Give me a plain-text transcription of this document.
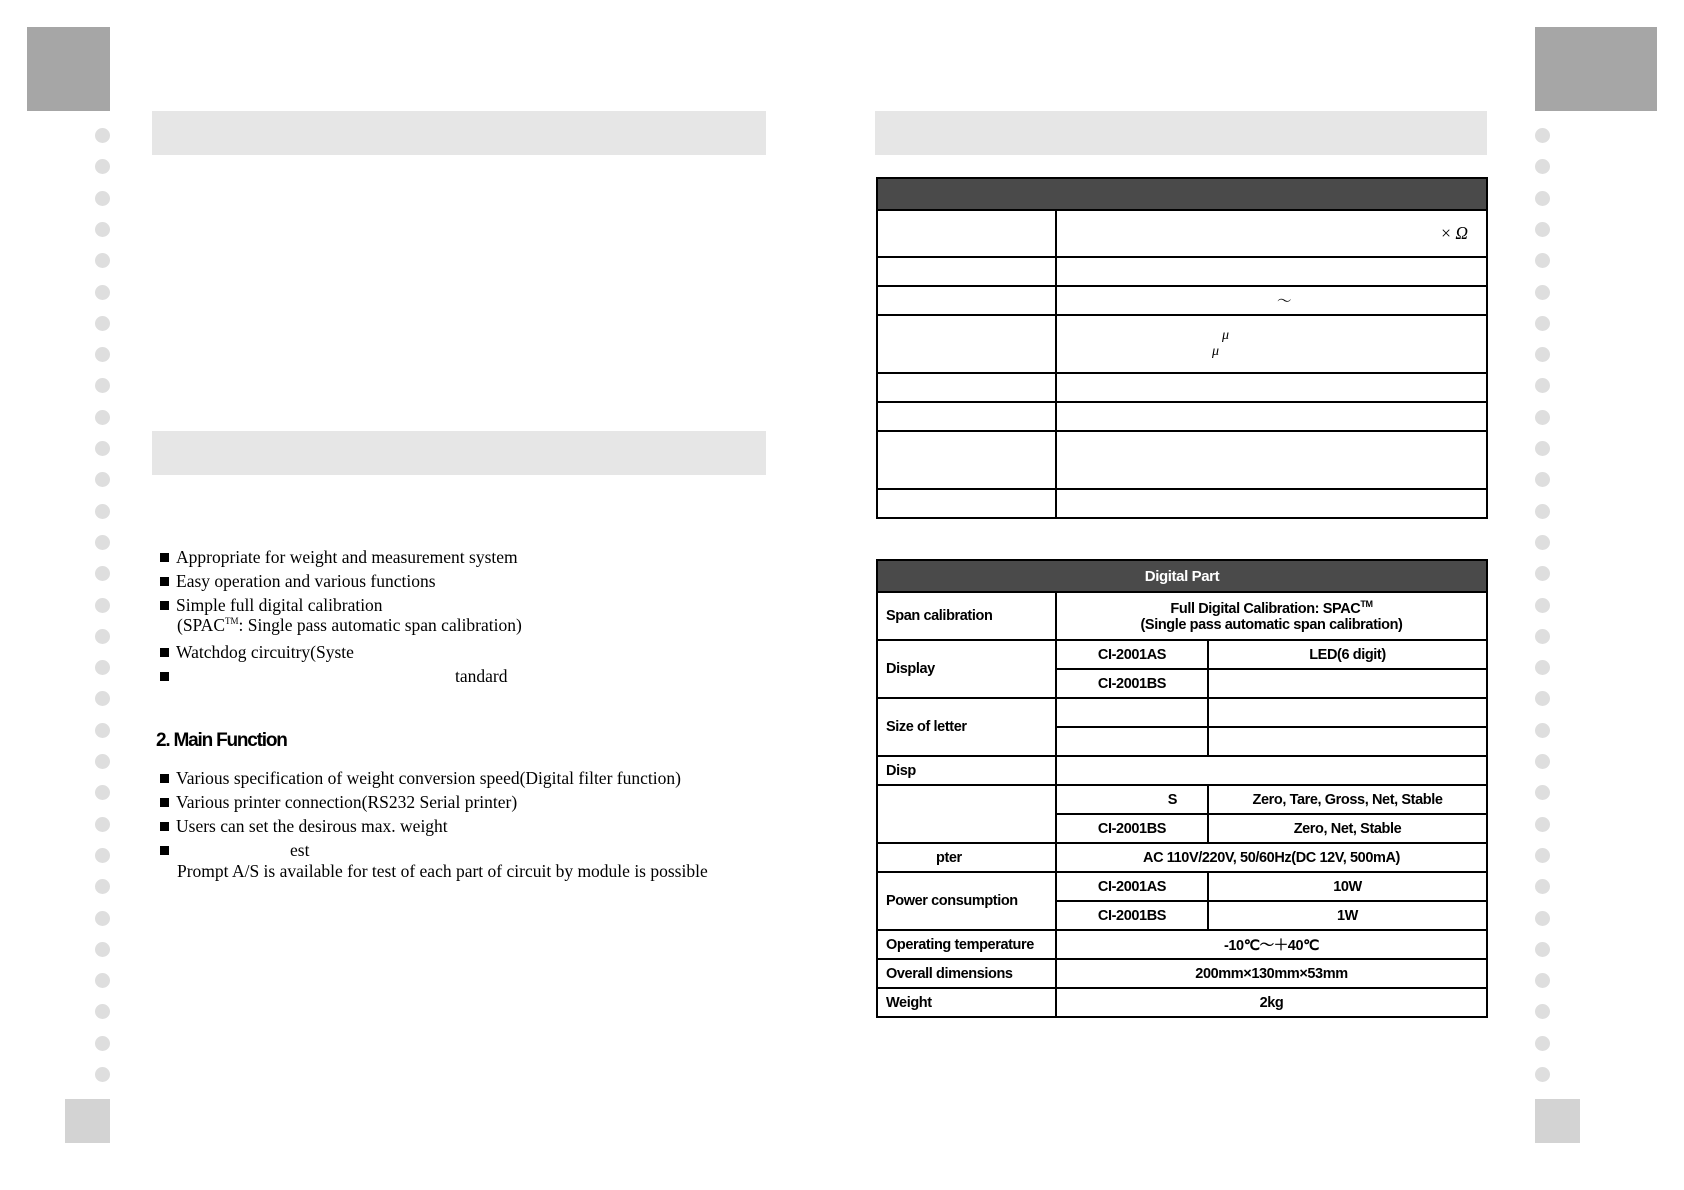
Appropriate for weight and measurement system
Easy operation and various functions
Simple full digital calibration
(SPAC™: Single pass automatic span calibration)
Watchdog circuitry(Syste
tandard
2. Main Function
Various specification of weight conversion speed(Digital filter function)
Various printer connection(RS232 Serial printer)
Users can set the desirous max. weight
est
Prompt A/S is available for test of each part of circuit by module is possible

	× Ω

	～

	μ
μ

Digital Part		
Span calibration	Full Digital Calibration: SPAC™
(Single pass automatic span calibration)	

Display	CI-2001AS	LED(6 digit)
	CI-2001BS	
Size of letter		

Disp		
	S	Zero, Tare, Gross, Net, Stable
	CI-2001BS	Zero, Net, Stable
pter	AC 110V/220V, 50/60Hz(DC 12V, 500mA)	
Power consumption	CI-2001AS	10W
	CI-2001BS	1W
Operating temperature	-10℃～＋40℃	
Overall dimensions	200mm×130mm×53mm	
Weight	2kg	
